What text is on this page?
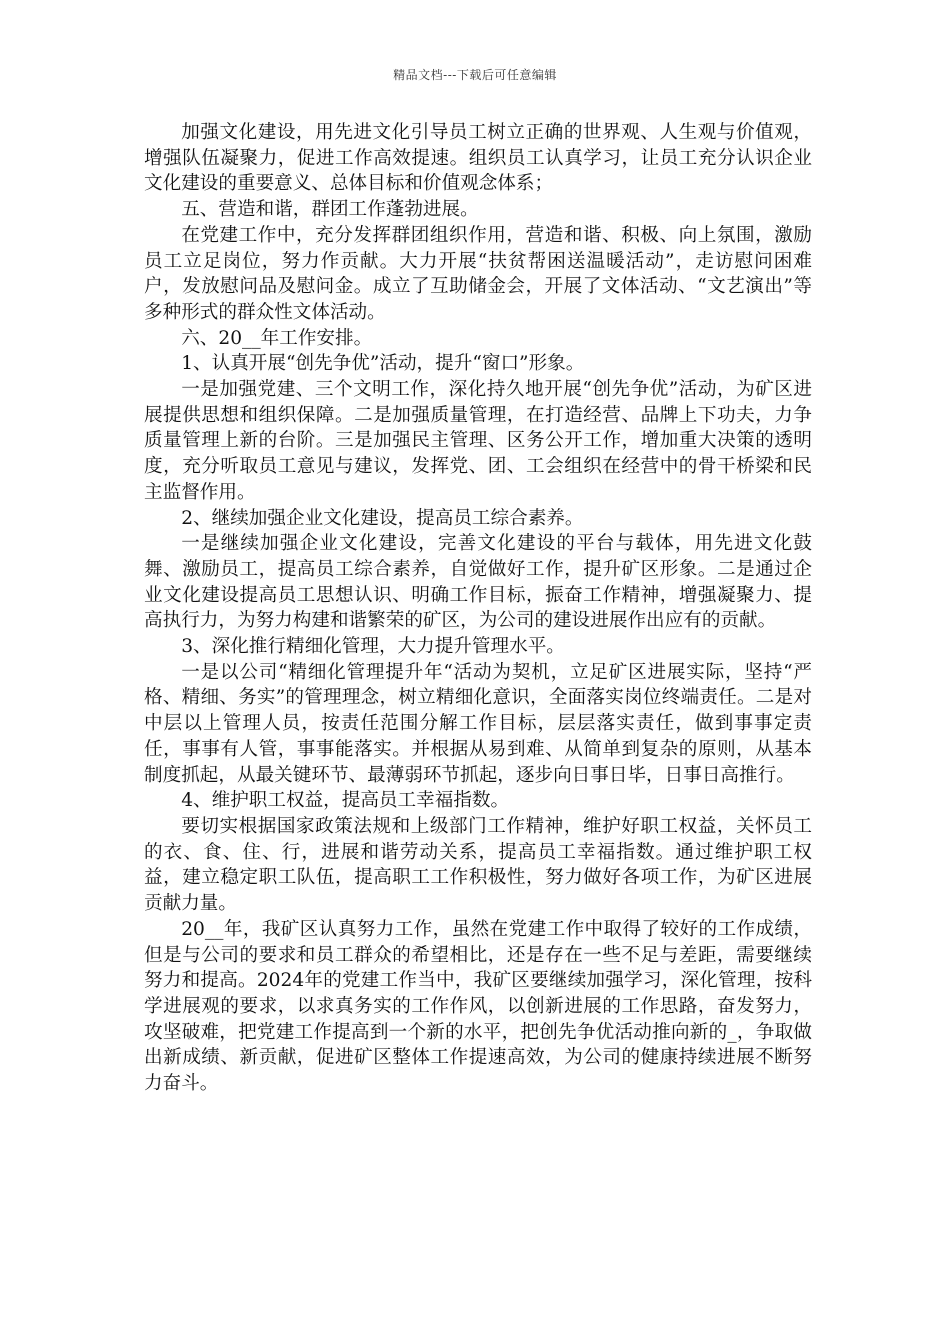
精品文档---下载后可任意编辑

加强文化建设，用先进文化引导员工树立正确的世界观、人生观与价值观，增强队伍凝聚力，促进工作高效提速。组织员工认真学习，让员工充分认识企业文化建设的重要意义、总体目标和价值观念体系；

五、营造和谐，群团工作蓬勃进展。

在党建工作中，充分发挥群团组织作用，营造和谐、积极、向上氛围，激励员工立足岗位，努力作贡献。大力开展“扶贫帮困送温暖活动”，走访慰问困难户，发放慰问品及慰问金。成立了互助储金会，开展了文体活动、“文艺演出”等多种形式的群众性文体活动。

六、20__年工作安排。

1、认真开展“创先争优”活动，提升“窗口”形象。

一是加强党建、三个文明工作，深化持久地开展“创先争优”活动，为矿区进展提供思想和组织保障。二是加强质量管理，在打造经营、品牌上下功夫，力争质量管理上新的台阶。三是加强民主管理、区务公开工作，增加重大决策的透明度，充分听取员工意见与建议，发挥党、团、工会组织在经营中的骨干桥梁和民主监督作用。

2、继续加强企业文化建设，提高员工综合素养。

一是继续加强企业文化建设，完善文化建设的平台与载体，用先进文化鼓舞、激励员工，提高员工综合素养，自觉做好工作，提升矿区形象。二是通过企业文化建设提高员工思想认识、明确工作目标，振奋工作精神，增强凝聚力、提高执行力，为努力构建和谐繁荣的矿区，为公司的建设进展作出应有的贡献。

3、深化推行精细化管理，大力提升管理水平。

一是以公司“精细化管理提升年“活动为契机，立足矿区进展实际，坚持“严格、精细、务实”的管理理念，树立精细化意识，全面落实岗位终端责任。二是对中层以上管理人员，按责任范围分解工作目标，层层落实责任，做到事事定责任，事事有人管，事事能落实。并根据从易到难、从简单到复杂的原则，从基本制度抓起，从最关键环节、最薄弱环节抓起，逐步向日事日毕，日事日高推行。

4、维护职工权益，提高员工幸福指数。

要切实根据国家政策法规和上级部门工作精神，维护好职工权益，关怀员工的衣、食、住、行，进展和谐劳动关系，提高员工幸福指数。通过维护职工权益，建立稳定职工队伍，提高职工工作积极性，努力做好各项工作，为矿区进展贡献力量。

20__年，我矿区认真努力工作，虽然在党建工作中取得了较好的工作成绩，但是与公司的要求和员工群众的希望相比，还是存在一些不足与差距，需要继续努力和提高。2024年的党建工作当中，我矿区要继续加强学习，深化管理，按科学进展观的要求，以求真务实的工作作风，以创新进展的工作思路，奋发努力，攻坚破难，把党建工作提高到一个新的水平，把创先争优活动推向新的_，争取做出新成绩、新贡献，促进矿区整体工作提速高效，为公司的健康持续进展不断努力奋斗。
